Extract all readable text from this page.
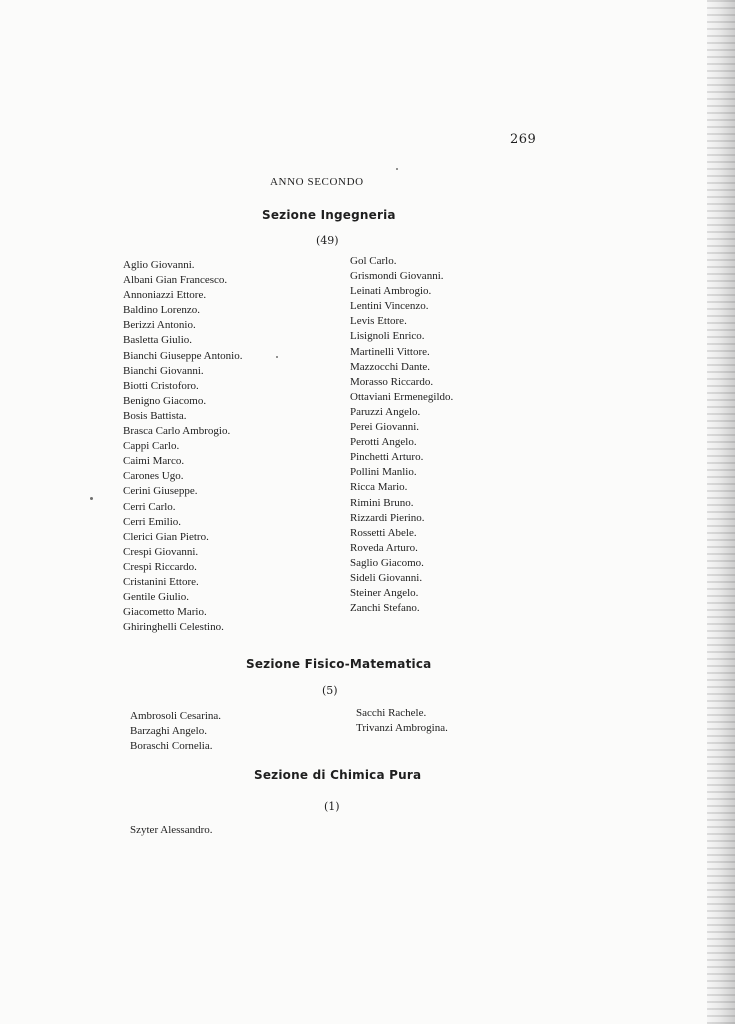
269
ANNO SECONDO
Sezione Ingegneria
(49)
Aglio Giovanni.
Albani Gian Francesco.
Annoniazzi Ettore.
Baldino Lorenzo.
Berizzi Antonio.
Basletta Giulio.
Bianchi Giuseppe Antonio.
Bianchi Giovanni.
Biotti Cristoforo.
Benigno Giacomo.
Bosis Battista.
Brasca Carlo Ambrogio.
Cappi Carlo.
Caimi Marco.
Carones Ugo.
Cerini Giuseppe.
Cerri Carlo.
Cerri Emilio.
Clerici Gian Pietro.
Crespi Giovanni.
Crespi Riccardo.
Cristanini Ettore.
Gentile Giulio.
Giacometto Mario.
Ghiringhelli Celestino.
Gol Carlo.
Grismondi Giovanni.
Leinati Ambrogio.
Lentini Vincenzo.
Levis Ettore.
Lisignoli Enrico.
Martinelli Vittore.
Mazzocchi Dante.
Morasso Riccardo.
Ottaviani Ermenegildo.
Paruzzi Angelo.
Perei Giovanni.
Perotti Angelo.
Pinchetti Arturo.
Pollini Manlio.
Ricca Mario.
Rimini Bruno.
Rizzardi Pierino.
Rossetti Abele.
Roveda Arturo.
Saglio Giacomo.
Sideli Giovanni.
Steiner Angelo.
Zanchi Stefano.
Sezione Fisico-Matematica
(5)
Ambrosoli Cesarina.
Barzaghi Angelo.
Boraschi Cornelia.
Sacchi Rachele.
Trivanzi Ambrogina.
Sezione di Chimica Pura
(1)
Szyter Alessandro.
